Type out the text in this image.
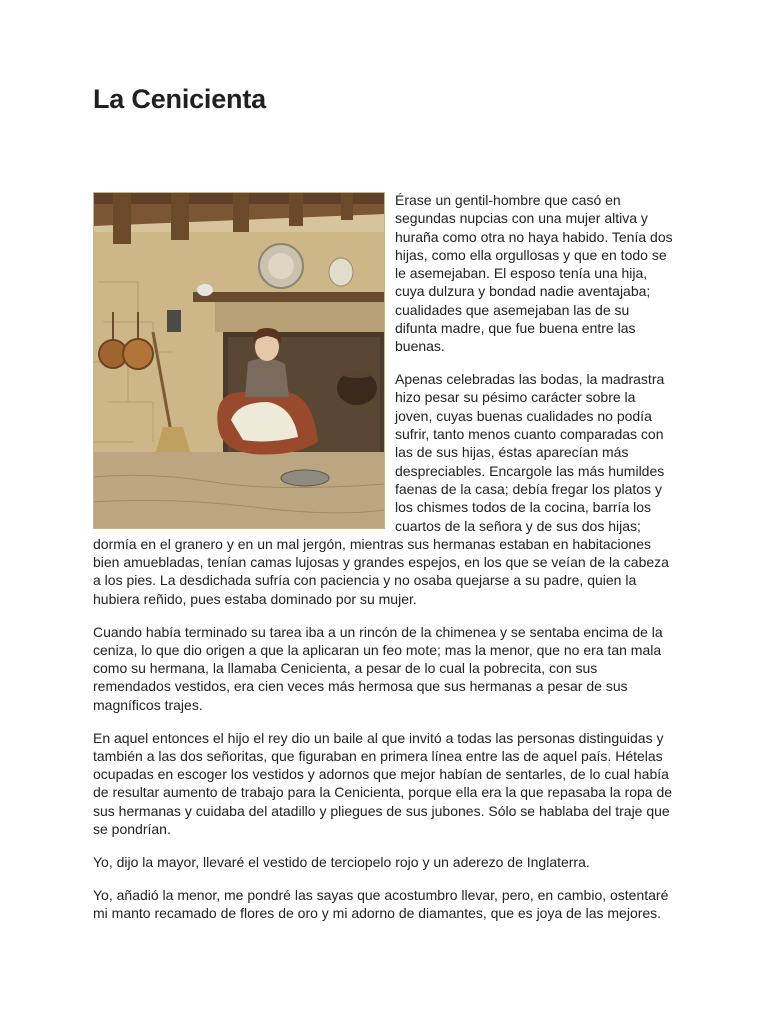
La Cenicienta

Érase un gentil-hombre que casó en segundas nupcias con una mujer altiva y huraña como otra no haya habido. Tenía dos hijas, como ella orgullosas y que en todo se le asemejaban. El esposo tenía una hija, cuya dulzura y bondad nadie aventajaba; cualidades que asemejaban las de su difunta madre, que fue buena entre las buenas.

Apenas celebradas las bodas, la madrastra hizo pesar su pésimo carácter sobre la joven, cuyas buenas cualidades no podía sufrir, tanto menos cuanto comparadas con las de sus hijas, éstas aparecían más despreciables. Encargole las más humildes faenas de la casa; debía fregar los platos y los chismes todos de la cocina, barría los cuartos de la señora y de sus dos hijas; dormía en el granero y en un mal jergón, mientras sus hermanas estaban en habitaciones bien amuebladas, tenían camas lujosas y grandes espejos, en los que se veían de la cabeza a los pies. La desdichada sufría con paciencia y no osaba quejarse a su padre, quien la hubiera reñido, pues estaba dominado por su mujer.

Cuando había terminado su tarea iba a un rincón de la chimenea y se sentaba encima de la ceniza, lo que dio origen a que la aplicaran un feo mote; mas la menor, que no era tan mala como su hermana, la llamaba Cenicienta, a pesar de lo cual la pobrecita, con sus remendados vestidos, era cien veces más hermosa que sus hermanas a pesar de sus magníficos trajes.

En aquel entonces el hijo el rey dio un baile al que invitó a todas las personas distinguidas y también a las dos señoritas, que figuraban en primera línea entre las de aquel país. Hételas ocupadas en escoger los vestidos y adornos que mejor habían de sentarles, de lo cual había de resultar aumento de trabajo para la Cenicienta, porque ella era la que repasaba la ropa de sus hermanas y cuidaba del atadillo y pliegues de sus jubones. Sólo se hablaba del traje que se pondrían.

Yo, dijo la mayor, llevaré el vestido de terciopelo rojo y un aderezo de Inglaterra.

Yo, añadió la menor, me pondré las sayas que acostumbro llevar, pero, en cambio, ostentaré mi manto recamado de flores de oro y mi adorno de diamantes, que es joya de las mejores.
